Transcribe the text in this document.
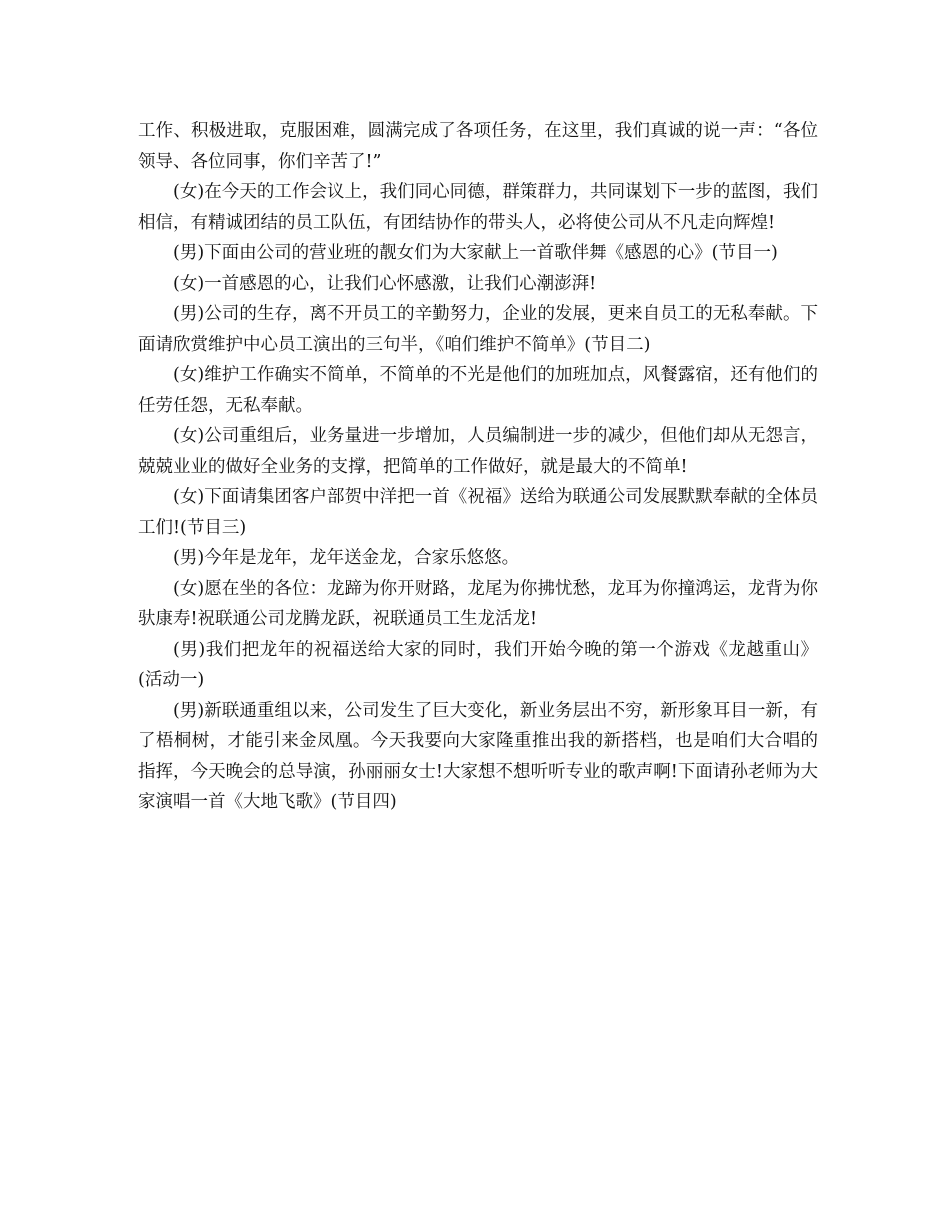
工作、积极进取，克服困难，圆满完成了各项任务，在这里，我们真诚的说一声：“各位领导、各位同事，你们辛苦了!”

(女)在今天的工作会议上，我们同心同德，群策群力，共同谋划下一步的蓝图，我们相信，有精诚团结的员工队伍，有团结协作的带头人，必将使公司从不凡走向辉煌!

(男)下面由公司的营业班的靓女们为大家献上一首歌伴舞《感恩的心》(节目一)

(女)一首感恩的心，让我们心怀感激，让我们心潮澎湃!

(男)公司的生存，离不开员工的辛勤努力，企业的发展，更来自员工的无私奉献。下面请欣赏维护中心员工演出的三句半，《咱们维护不简单》(节目二)

(女)维护工作确实不简单，不简单的不光是他们的加班加点，风餐露宿，还有他们的任劳任怨，无私奉献。

(女)公司重组后，业务量进一步增加，人员编制进一步的减少，但他们却从无怨言，兢兢业业的做好全业务的支撑，把简单的工作做好，就是最大的不简单!

(女)下面请集团客户部贺中洋把一首《祝福》送给为联通公司发展默默奉献的全体员工们!(节目三)

(男)今年是龙年，龙年送金龙，合家乐悠悠。

(女)愿在坐的各位：龙蹄为你开财路，龙尾为你拂忧愁，龙耳为你撞鸿运，龙背为你驮康寿!祝联通公司龙腾龙跃，祝联通员工生龙活龙!

(男)我们把龙年的祝福送给大家的同时，我们开始今晚的第一个游戏《龙越重山》(活动一)

(男)新联通重组以来，公司发生了巨大变化，新业务层出不穷，新形象耳目一新，有了梧桐树，才能引来金凤凰。今天我要向大家隆重推出我的新搭档，也是咱们大合唱的指挥，今天晚会的总导演，孙丽丽女士!大家想不想听听专业的歌声啊!下面请孙老师为大家演唱一首《大地飞歌》(节目四)
